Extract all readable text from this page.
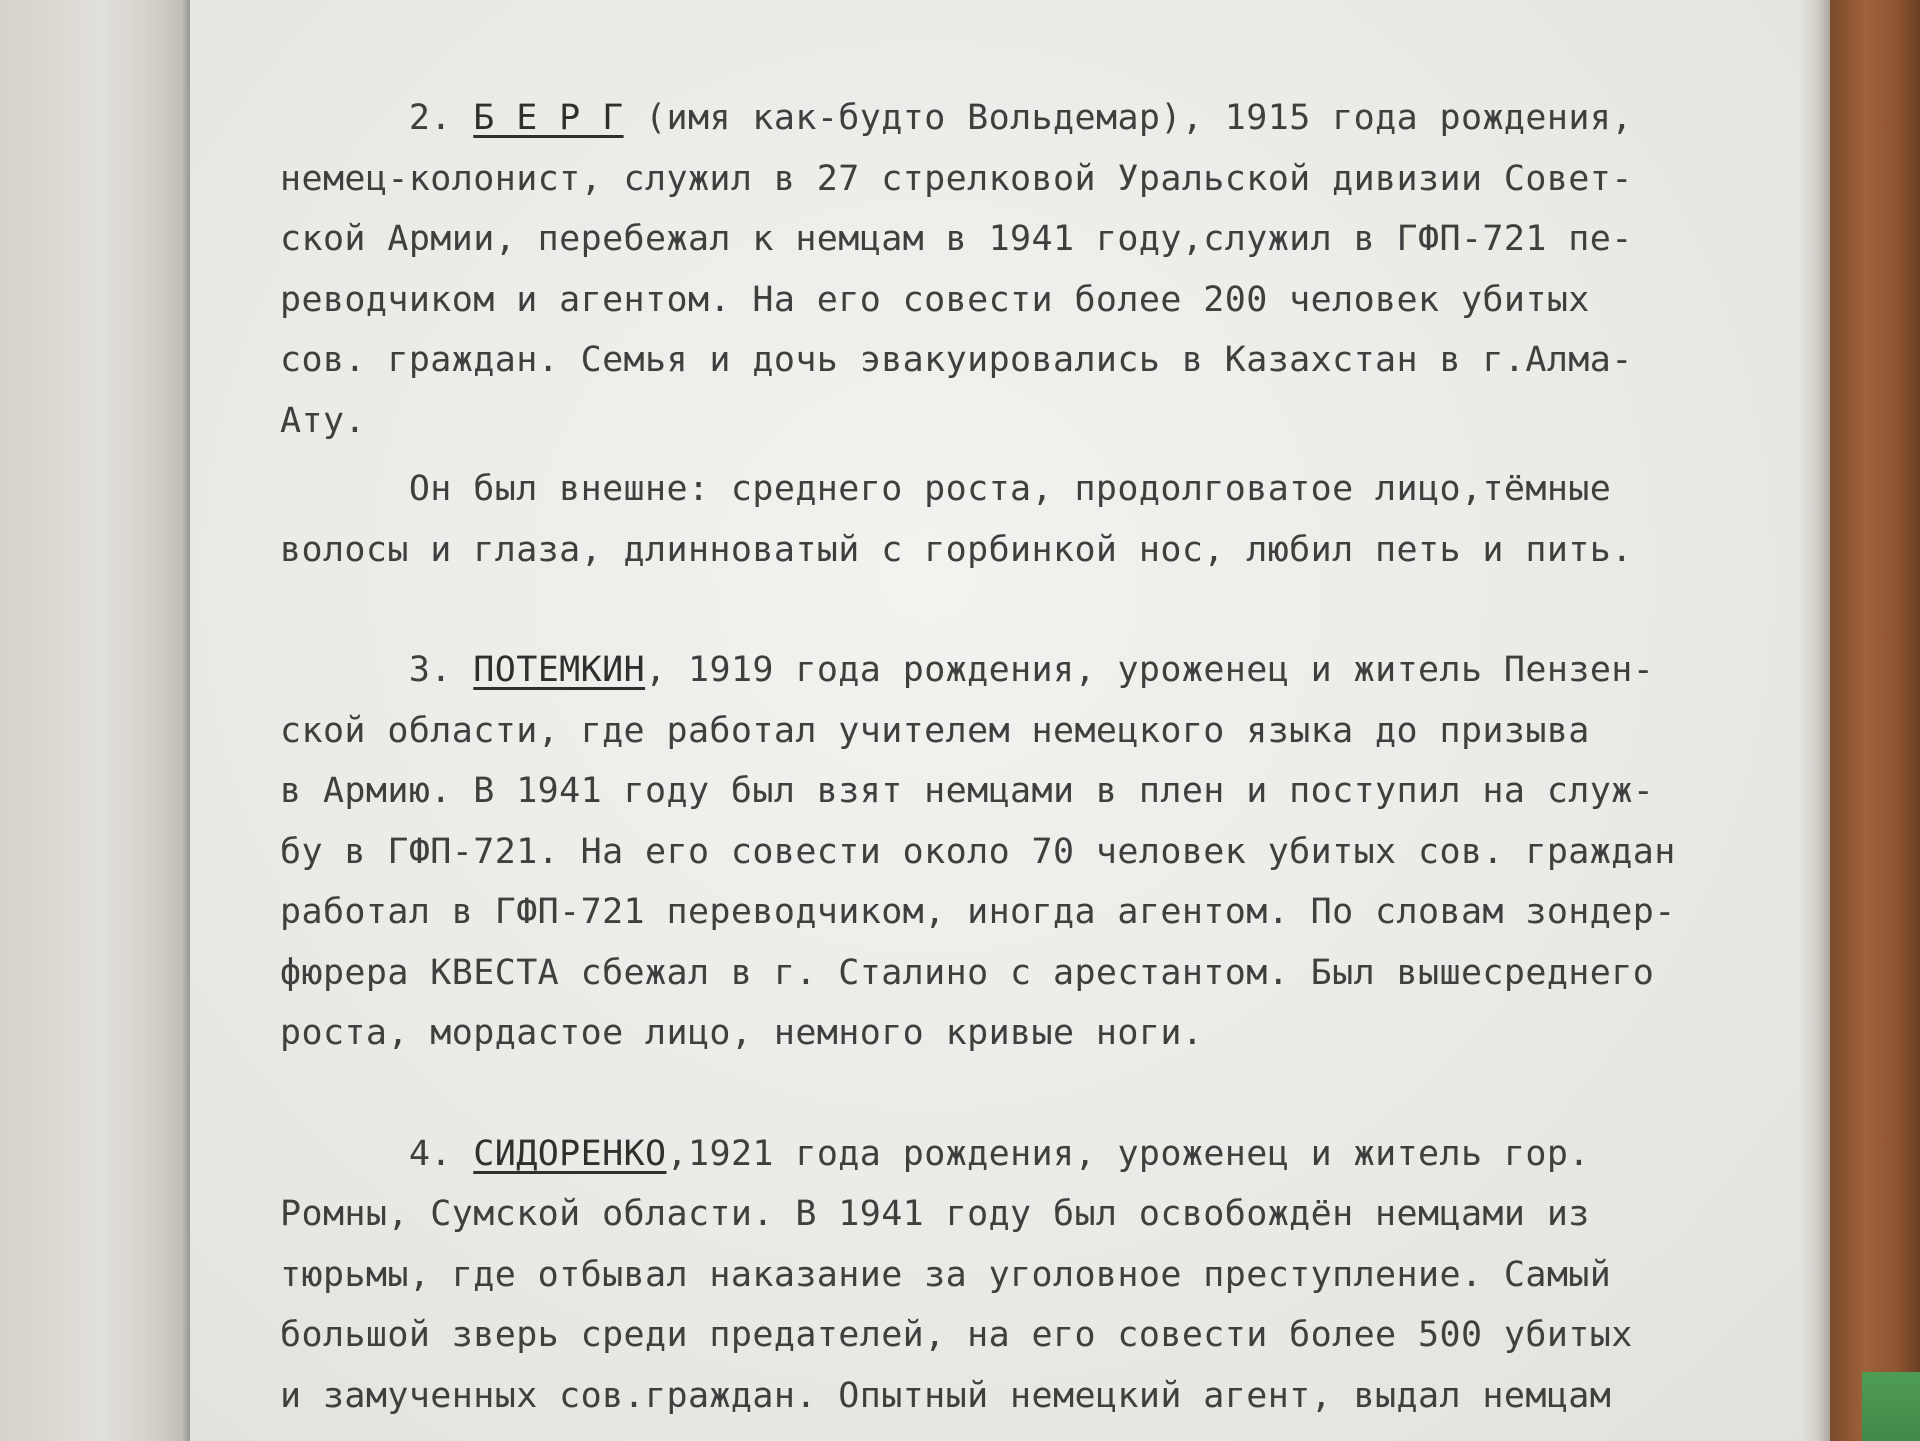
2. Б Е Р Г (имя как-будто Вольдемар), 1915 года рождения,

немец-колонист, служил в 27 стрелковой Уральской дивизии Совет-

ской Армии, перебежал к немцам в 1941 году,служил в ГФП-721 пе-

реводчиком и агентом. На его совести более 200 человек убитых

сов. граждан. Семья и дочь эвакуировались в Казахстан в г.Алма-

Ату.

Он был внешне: среднего роста, продолговатое лицо,тёмные

волосы и глаза, длинноватый с горбинкой нос, любил петь и пить.

3. ПОТЕМКИН, 1919 года рождения, уроженец и житель Пензен-

ской области, где работал учителем немецкого языка до призыва

в Армию. В 1941 году был взят немцами в плен и поступил на служ-

бу в ГФП-721. На его совести около 70 человек убитых сов. граждан

работал в ГФП-721 переводчиком, иногда агентом. По словам зондер-

фюрера КВЕСТА сбежал в г. Сталино с арестантом. Был вышесреднего

роста, мордастое лицо, немного кривые ноги.

4. СИДОРЕНКО,1921 года рождения, уроженец и житель гор.

Ромны, Сумской области. В 1941 году был освобождён немцами из

тюрьмы, где отбывал наказание за уголовное преступление. Самый

большой зверь среди предателей, на его совести более 500 убитых

и замученных сов.граждан. Опытный немецкий агент, выдал немцам
